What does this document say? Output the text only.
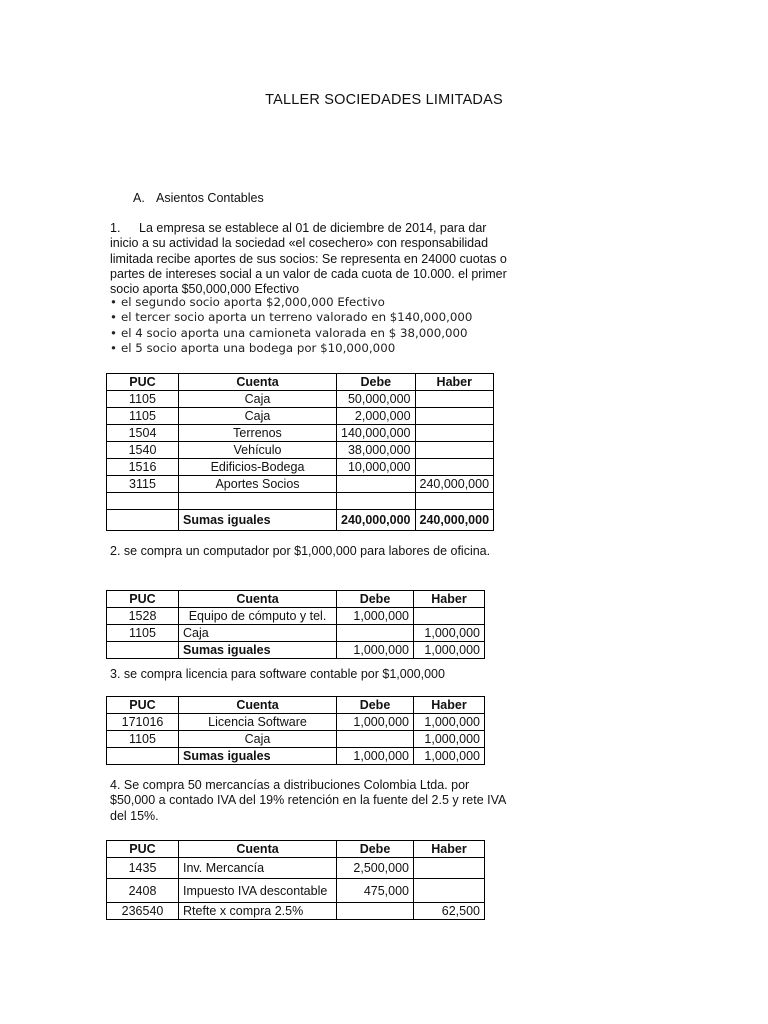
TALLER SOCIEDADES LIMITADAS
A. Asientos Contables
1. La empresa se establece al 01 de diciembre de 2014, para dar
inicio a su actividad la sociedad «el cosechero» con responsabilidad
limitada recibe aportes de sus socios: Se representa en 24000 cuotas o
partes de intereses social a un valor de cada cuota de 10.000. el primer
socio aporta $50,000,000 Efectivo
• el segundo socio aporta $2,000,000 Efectivo
• el tercer socio aporta un terreno valorado en $140,000,000
• el 4 socio aporta una camioneta valorada en $ 38,000,000
• el 5 socio aporta una bodega por $10,000,000
PUC	Cuenta	Debe	Haber
1105	Caja	50,000,000	
1105	Caja	2,000,000	
1504	Terrenos	140,000,000	
1540	Vehículo	38,000,000	
1516	Edificios-Bodega	10,000,000	
3115	Aportes Socios		240,000,000

	Sumas iguales	240,000,000	240,000,000
2. se compra un computador por $1,000,000 para labores de oficina.
PUC	Cuenta	Debe	Haber
1528	Equipo de cómputo y tel.	1,000,000	
1105	Caja		1,000,000
	Sumas iguales	1,000,000	1,000,000
3. se compra licencia para software contable por $1,000,000
PUC	Cuenta	Debe	Haber
171016	Licencia Software	1,000,000	1,000,000
1105	Caja		1,000,000
	Sumas iguales	1,000,000	1,000,000
4. Se compra 50 mercancías a distribuciones Colombia Ltda. por
$50,000 a contado IVA del 19% retención en la fuente del 2.5 y rete IVA
del 15%.
PUC	Cuenta	Debe	Haber
1435	Inv. Mercancía	2,500,000	
2408	Impuesto IVA descontable	475,000	
236540	Rtefte x compra 2.5%		62,500
